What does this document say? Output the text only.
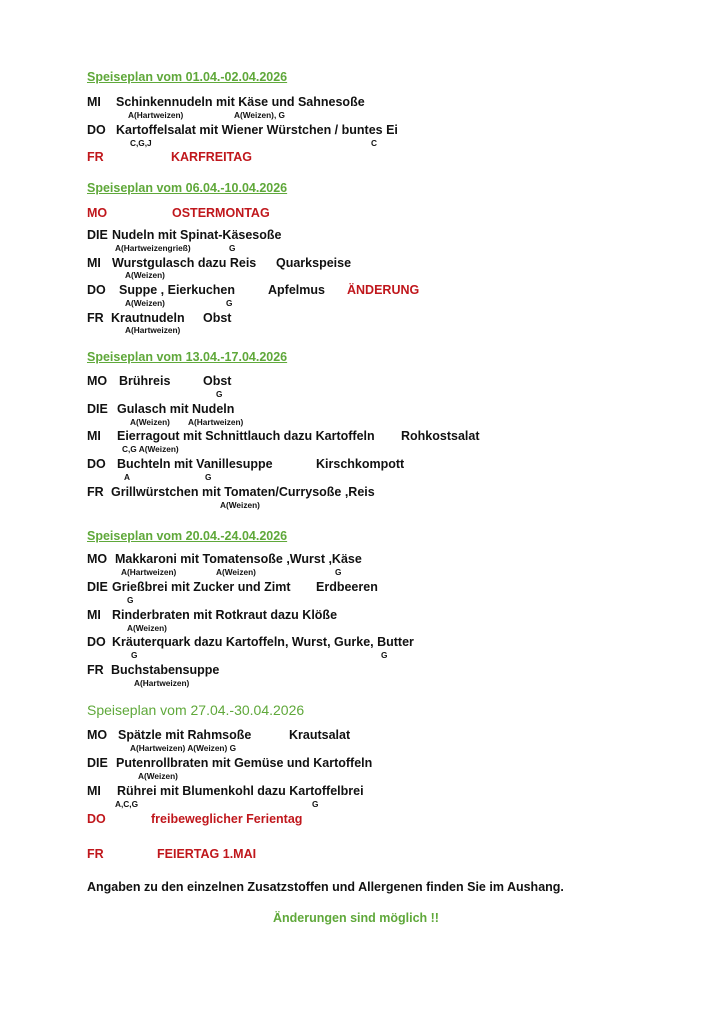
Speiseplan vom 01.04.-02.04.2026
MI Schinkennudeln mit Käse und Sahnesoße
A(Hartweizen)	A(Weizen), G
DO Kartoffelsalat mit Wiener Würstchen / buntes Ei
C,G,J	C
FR	KARFREITAG
Speiseplan vom 06.04.-10.04.2026
MO	OSTERMONTAG
DIE Nudeln mit Spinat-Käsesoße
A(Hartweizengrieß)	G
MI Wurstgulasch dazu Reis Quarkspeise
A(Weizen)
DO Suppe , Eierkuchen	Apfelmus ÄNDERUNG
A(Weizen)	G
FR Krautnudeln Obst
A(Hartweizen)
Speiseplan vom 13.04.-17.04.2026
MO Brühreis	Obst
G
DIE Gulasch mit Nudeln
A(Weizen) A(Hartweizen)
MI Eierragout mit Schnittlauch dazu Kartoffeln Rohkostsalat
C,G A(Weizen)
DO Buchteln mit Vanillesuppe	Kirschkompott
A	G
FR Grillwürstchen mit Tomaten/Currysoße ,Reis
A(Weizen)
Speiseplan vom 20.04.-24.04.2026
MO Makkaroni mit Tomatensoße ,Wurst ,Käse
A(Hartweizen)	A(Weizen)	G
DIE Grießbrei mit Zucker und Zimt Erdbeeren
G
MI Rinderbraten mit Rotkraut dazu Klöße
A(Weizen)
DO Kräuterquark dazu Kartoffeln, Wurst, Gurke, Butter
G	G
FR Buchstabensuppe
A(Hartweizen)
Speiseplan vom 27.04.-30.04.2026
MO Spätzle mit Rahmsoße	Krautsalat
A(Hartweizen) A(Weizen) G
DIE Putenrollbraten mit Gemüse und Kartoffeln
A(Weizen)
MI Rührei mit Blumenkohl dazu Kartoffelbrei
A,C,G	G
DO	freibeweglicher Ferientag
FR	FEIERTAG 1.MAI
Angaben zu den einzelnen Zusatzstoffen und Allergenen finden Sie im Aushang.
Änderungen sind möglich !!
